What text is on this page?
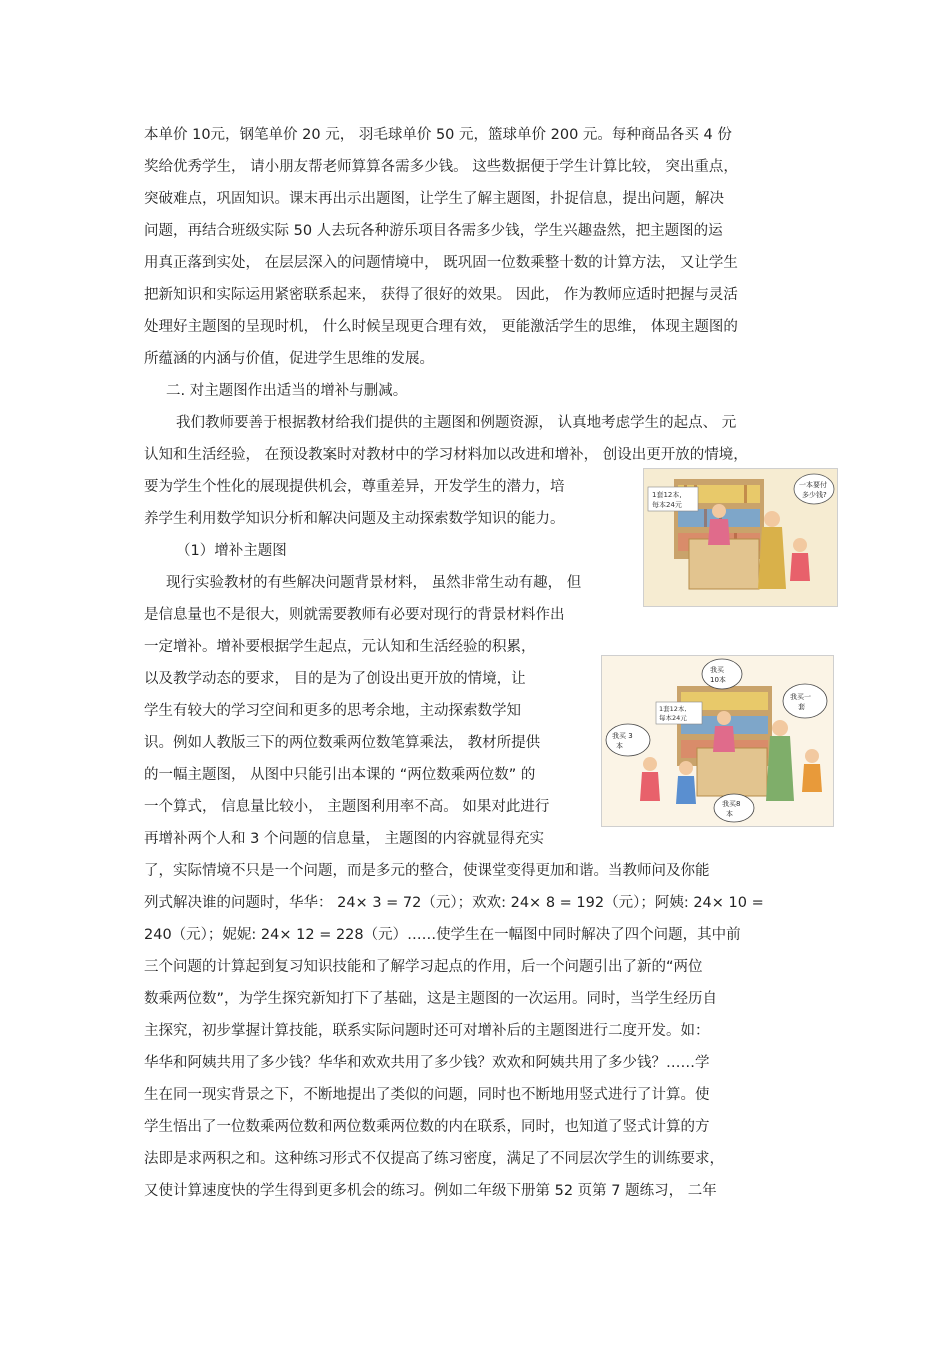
本单价 10元，钢笔单价 20 元， 羽毛球单价 50 元，篮球单价 200 元。每种商品各买 4 份
奖给优秀学生， 请小朋友帮老师算算各需多少钱。 这些数据便于学生计算比较， 突出重点，
突破难点，巩固知识。课末再出示出题图，让学生了解主题图，扑捉信息，提出问题，解决
问题，再结合班级实际 50 人去玩各种游乐项目各需多少钱，学生兴趣盎然，把主题图的运
用真正落到实处， 在层层深入的问题情境中， 既巩固一位数乘整十数的计算方法， 又让学生
把新知识和实际运用紧密联系起来， 获得了很好的效果。 因此， 作为教师应适时把握与灵活
处理好主题图的呈现时机， 什么时候呈现更合理有效， 更能激活学生的思维， 体现主题图的
所蕴涵的内涵与价值，促进学生思维的发展。
二. 对主题图作出适当的增补与删减。
我们教师要善于根据教材给我们提供的主题图和例题资源， 认真地考虑学生的起点、 元
认知和生活经验， 在预设教案时对教材中的学习材料加以改进和增补， 创设出更开放的情境，
要为学生个性化的展现提供机会，尊重差异，开发学生的潜力，培
养学生利用数学知识分析和解决问题及主动探索数学知识的能力。
（1）增补主题图
现行实验教材的有些解决问题背景材料， 虽然非常生动有趣， 但
是信息量也不是很大，则就需要教师有必要对现行的背景材料作出
一定增补。增补要根据学生起点，元认知和生活经验的积累，
以及教学动态的要求， 目的是为了创设出更开放的情境，让
学生有较大的学习空间和更多的思考余地，主动探索数学知
识。例如人教版三下的两位数乘两位数笔算乘法， 教材所提供
的一幅主题图， 从图中只能引出本课的 “两位数乘两位数” 的
一个算式， 信息量比较小， 主题图利用率不高。 如果对此进行
再增补两个人和 3 个问题的信息量， 主题图的内容就显得充实
了，实际情境不只是一个问题，而是多元的整合，使课堂变得更加和谐。当教师问及你能
列式解决谁的问题时，华华： 24× 3 = 72（元）；欢欢: 24× 8 = 192（元）；阿姨: 24× 10 =
240（元）；妮妮: 24× 12 = 228（元）……使学生在一幅图中同时解决了四个问题，其中前
三个问题的计算起到复习知识技能和了解学习起点的作用，后一个问题引出了新的“两位
数乘两位数”，为学生探究新知打下了基础，这是主题图的一次运用。同时，当学生经历自
主探究，初步掌握计算技能，联系实际问题时还可对增补后的主题图进行二度开发。如：
华华和阿姨共用了多少钱？华华和欢欢共用了多少钱？欢欢和阿姨共用了多少钱？……学
生在同一现实背景之下，不断地提出了类似的问题，同时也不断地用竖式进行了计算。使
学生悟出了一位数乘两位数和两位数乘两位数的内在联系，同时，也知道了竖式计算的方
法即是求两积之和。这种练习形式不仅提高了练习密度，满足了不同层次学生的训练要求，
又使计算速度快的学生得到更多机会的练习。例如二年级下册第 52 页第 7 题练习， 二年
1套12本,
每本24元
一本要付
多少钱?
1套12本,
每本24元
我买 3
本
我买
10本
我买一
套
我买8
本
